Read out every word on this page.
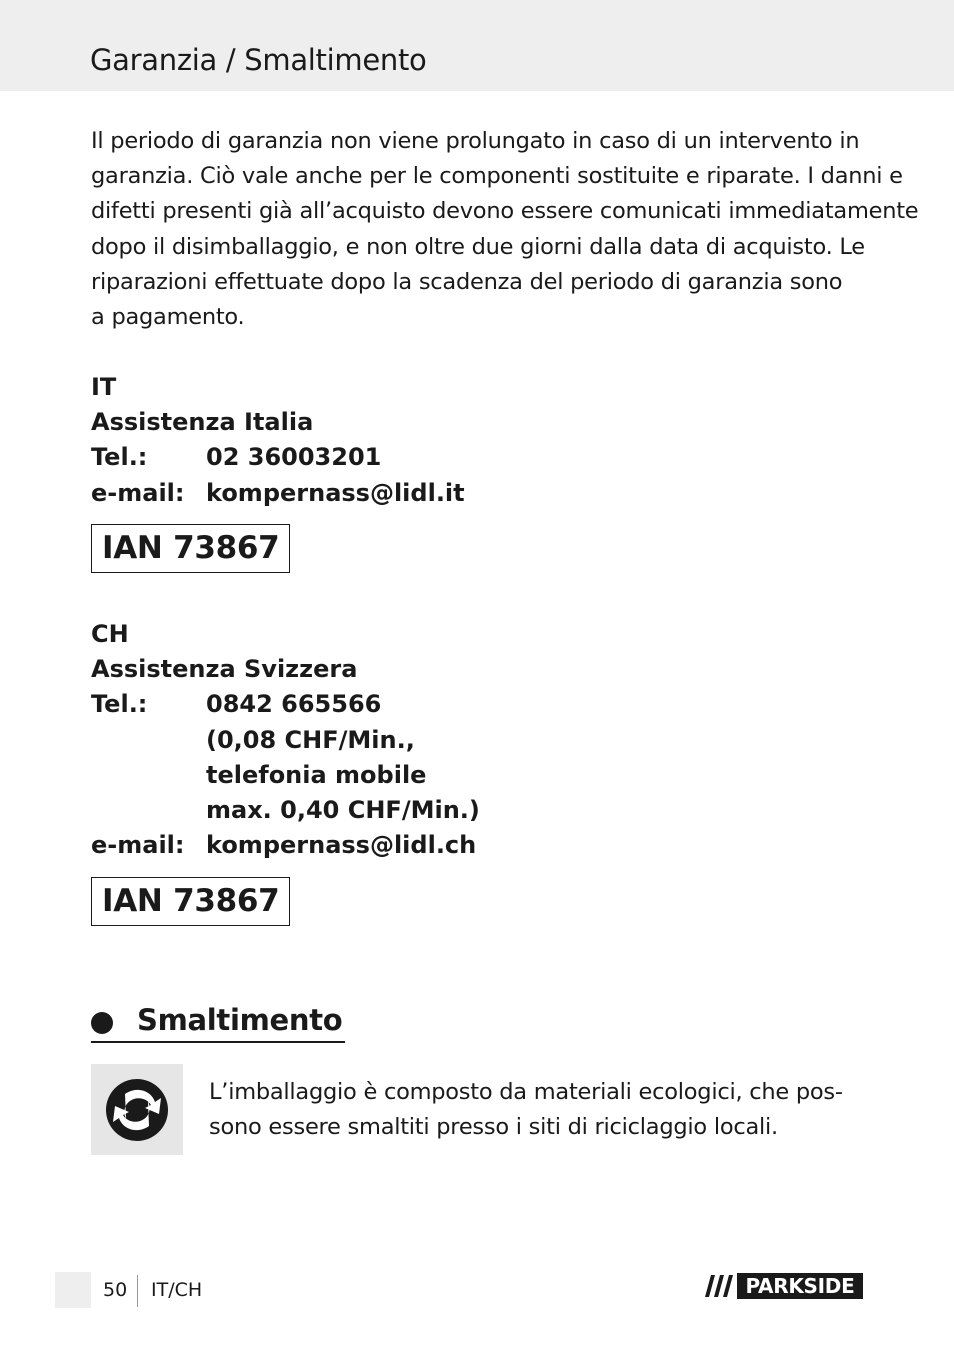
Garanzia / Smaltimento
Il periodo di garanzia non viene prolungato in caso di un intervento in
garanzia. Ciò vale anche per le componenti sostituite e riparate. I danni e
difetti presenti già all’acquisto devono essere comunicati immediatamente
dopo il disimballaggio, e non oltre due giorni dalla data di acquisto. Le
riparazioni effettuate dopo la scadenza del periodo di garanzia sono
a pagamento.
IT
Assistenza Italia
Tel.: 02 36003201
e-mail: kompernass@lidl.it
IAN 73867
CH
Assistenza Svizzera
Tel.: 0842 665566
(0,08 CHF/Min.,
telefonia mobile
max. 0,40 CHF/Min.)
e-mail: kompernass@lidl.ch
IAN 73867
Smaltimento
L’imballaggio è composto da materiali ecologici, che pos-
sono essere smaltiti presso i siti di riciclaggio locali.
50 IT/CH	PARKSIDE
